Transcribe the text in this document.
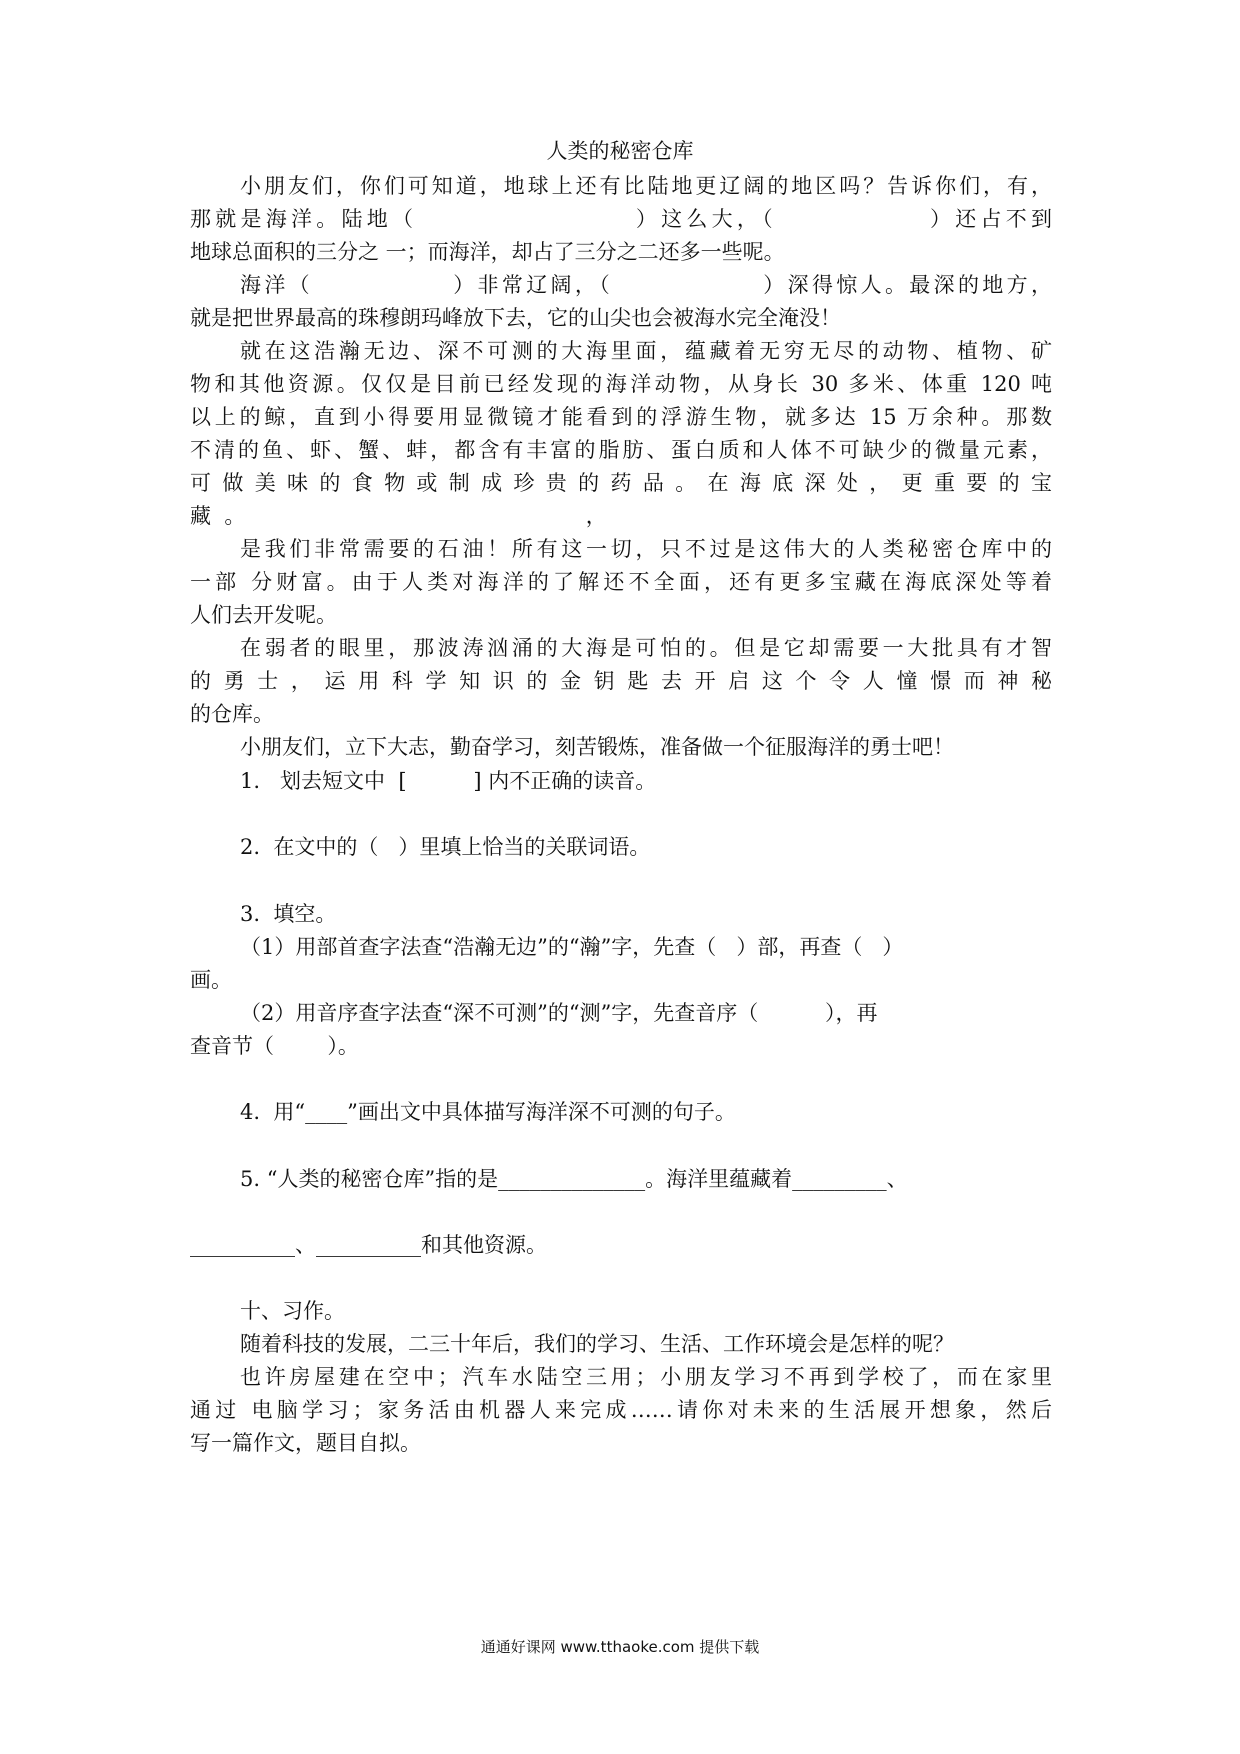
人类的秘密仓库
小朋友们，你们可知道，地球上还有比陆地更辽阔的地区吗？告诉你们，有，
那就是海洋。陆地（                    ）这么大，（              ）还占不到
地球总面积的三分之 一；而海洋，却占了三分之二还多一些呢。
海洋（              ）非常辽阔，（               ）深得惊人。最深的地方，
就是把世界最高的珠穆朗玛峰放下去，它的山尖也会被海水完全淹没！
就在这浩瀚无边、深不可测的大海里面，蕴藏着无穷无尽的动物、植物、矿
物和其他资源。仅仅是目前已经发现的海洋动物，从身长 30 多米、体重 120 吨
以上的鲸，直到小得要用显微镜才能看到的浮游生物，就多达 15 万余种。那数
不清的鱼、虾、蟹、蚌，都含有丰富的脂肪、蛋白质和人体不可缺少的微量元素，
可做美味的食物或制成珍贵的药品。在海底深处，更重要的宝
藏  。                                                   ，
是我们非常需要的石油！所有这一切，只不过是这伟大的人类秘密仓库中的
一部 分财富。由于人类对海洋的了解还不全面，还有更多宝藏在海底深处等着
人们去开发呢。
在弱者的眼里，那波涛汹涌的大海是可怕的。但是它却需要一大批具有才智
的勇士，运用科学知识的金钥匙去开启这个令人憧憬而神秘
的仓库。
小朋友们，立下大志，勤奋学习，刻苦锻炼，准备做一个征服海洋的勇士吧！
1.   划去短文中  [          ] 内不正确的读音。
2.  在文中的（   ）里填上恰当的关联词语。
3.  填空。
（1）用部首查字法查“浩瀚无边”的“瀚”字，先查（   ）部，再查（   ）
画。
（2）用音序查字法查“深不可测”的“测”字，先查音序（          ），再
查音节（        ）。
4.  用“____”画出文中具体描写海洋深不可测的句子。
5. “人类的秘密仓库”指的是______________。海洋里蕴藏着_________、
__________、__________和其他资源。
十、习作。
随着科技的发展，二三十年后，我们的学习、生活、工作环境会是怎样的呢？
也许房屋建在空中；汽车水陆空三用；小朋友学习不再到学校了，而在家里
通过 电脑学习；家务活由机器人来完成……请你对未来的生活展开想象，然后
写一篇作文，题目自拟。
通通好课网 www.tthaoke.com 提供下载
